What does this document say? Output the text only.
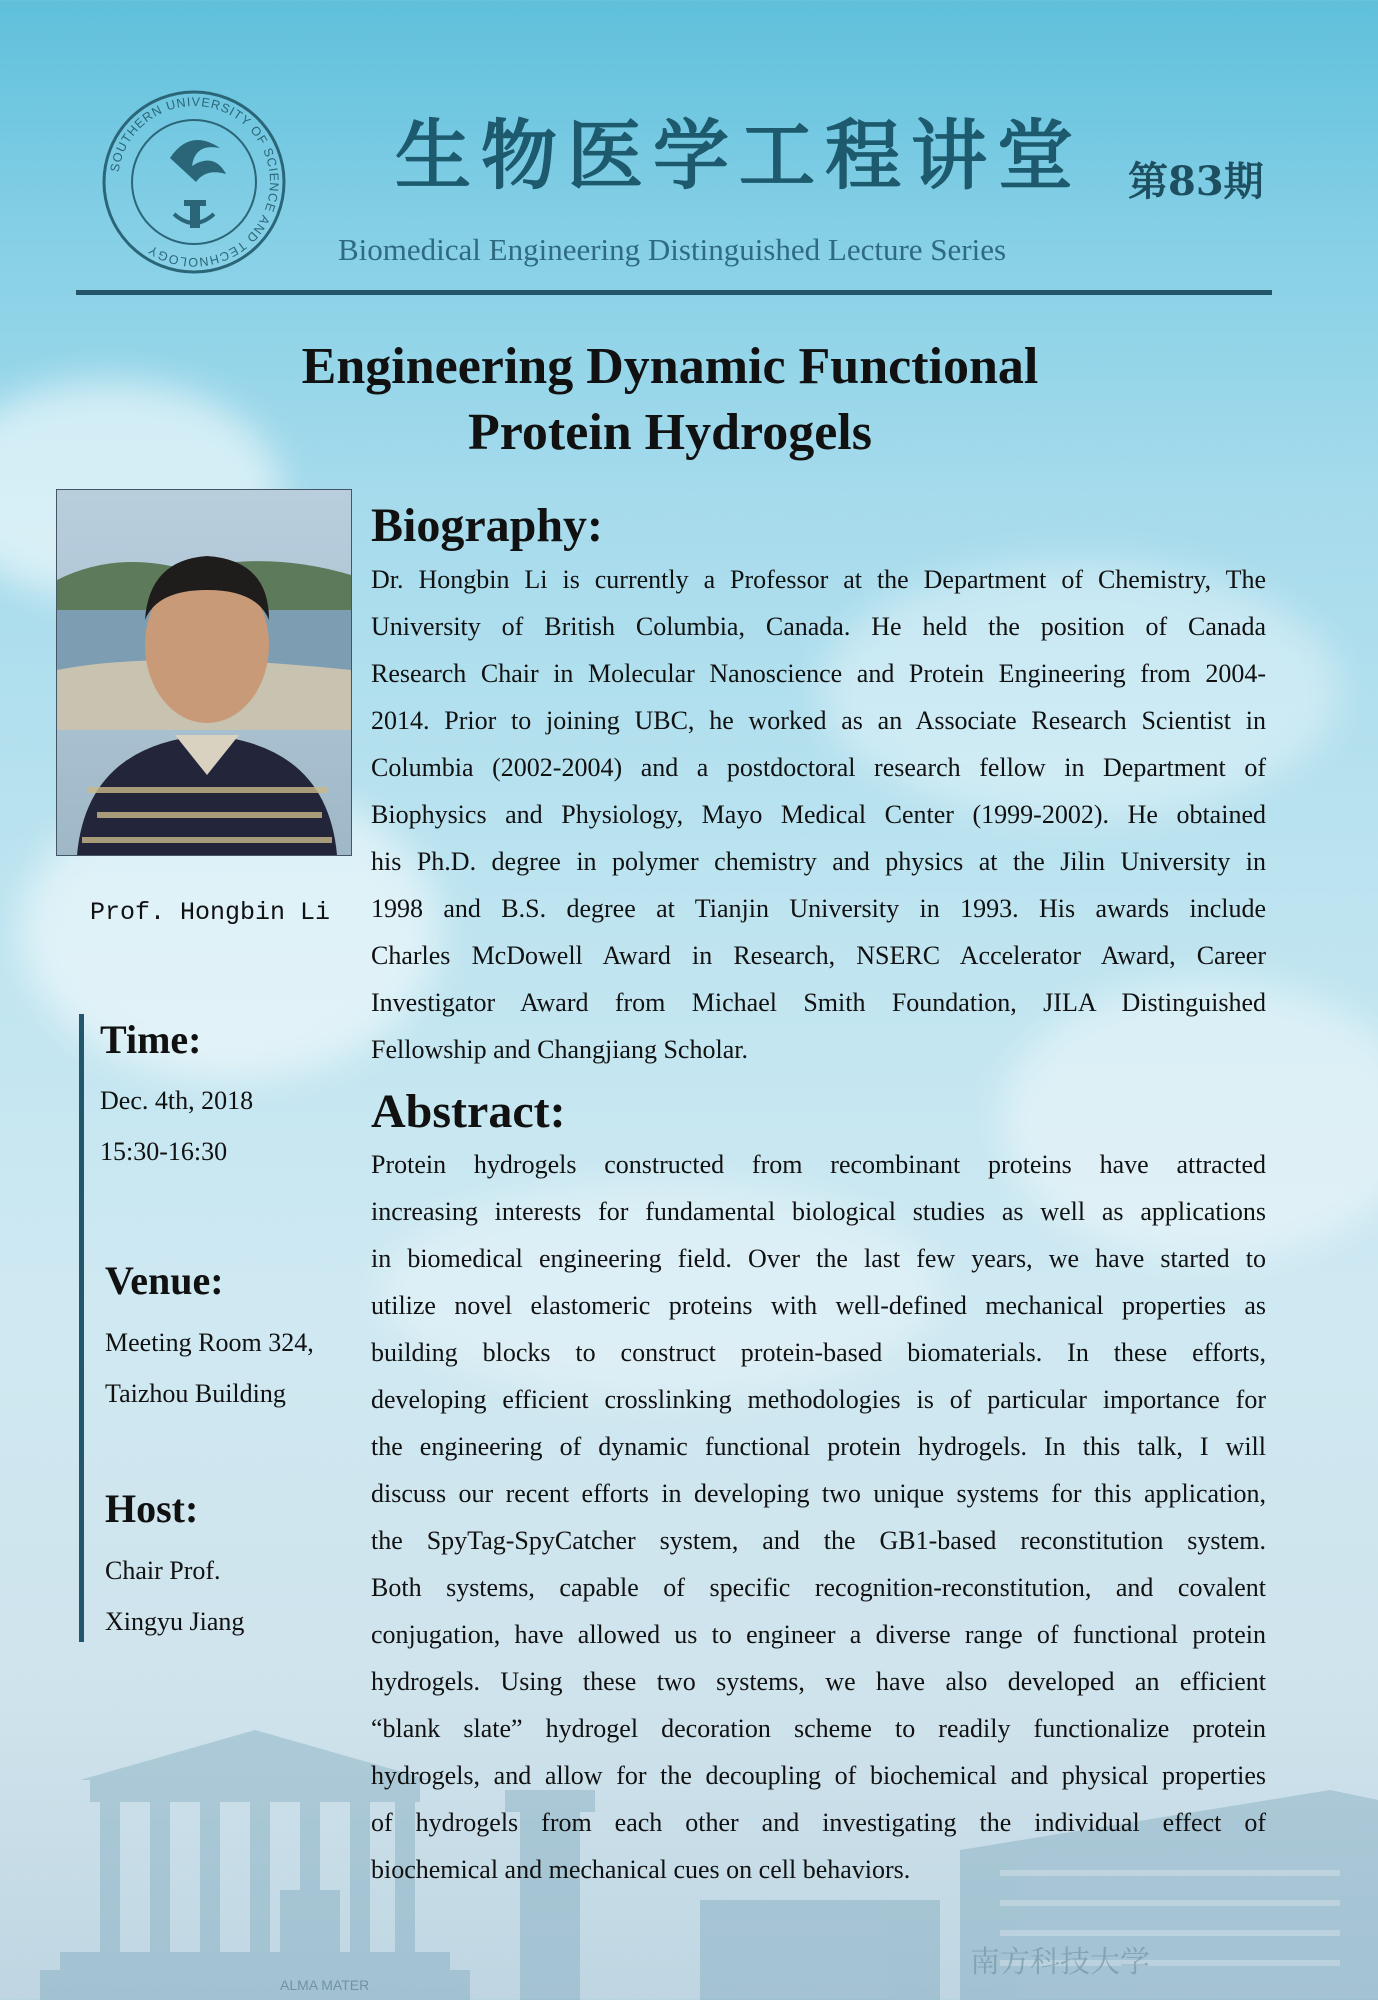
ALMA MATER
南方科技大学
SOUTHERN UNIVERSITY OF SCIENCE AND TECHNOLOGY
生物医学工程讲堂 第83期
Biomedical Engineering Distinguished Lecture Series
Engineering Dynamic Functional
Protein Hydrogels
Prof. Hongbin Li
Time:
Dec. 4th, 2018
15:30-16:30
Venue:
Meeting Room 324,
Taizhou Building
Host:
Chair Prof.
Xingyu Jiang
Biography:
Dr. Hongbin Li is currently a Professor at the Department of Chemistry, The
University of British Columbia, Canada. He held the position of Canada
Research Chair in Molecular Nanoscience and Protein Engineering from 2004-
2014. Prior to joining UBC, he worked as an Associate Research Scientist in
Columbia (2002-2004) and a postdoctoral research fellow in Department of
Biophysics and Physiology, Mayo Medical Center (1999-2002). He obtained
his Ph.D. degree in polymer chemistry and physics at the Jilin University in
1998 and B.S. degree at Tianjin University in 1993. His awards include
Charles McDowell Award in Research, NSERC Accelerator Award, Career
Investigator Award from Michael Smith Foundation, JILA Distinguished
Fellowship and Changjiang Scholar.
Abstract:
Protein hydrogels constructed from recombinant proteins have attracted
increasing interests for fundamental biological studies as well as applications
in biomedical engineering field. Over the last few years, we have started to
utilize novel elastomeric proteins with well-defined mechanical properties as
building blocks to construct protein-based biomaterials. In these efforts,
developing efficient crosslinking methodologies is of particular importance for
the engineering of dynamic functional protein hydrogels. In this talk, I will
discuss our recent efforts in developing two unique systems for this application,
the SpyTag-SpyCatcher system, and the GB1-based reconstitution system.
Both systems, capable of specific recognition-reconstitution, and covalent
conjugation, have allowed us to engineer a diverse range of functional protein
hydrogels. Using these two systems, we have also developed an efficient
“blank slate” hydrogel decoration scheme to readily functionalize protein
hydrogels, and allow for the decoupling of biochemical and physical properties
of hydrogels from each other and investigating the individual effect of
biochemical and mechanical cues on cell behaviors.
